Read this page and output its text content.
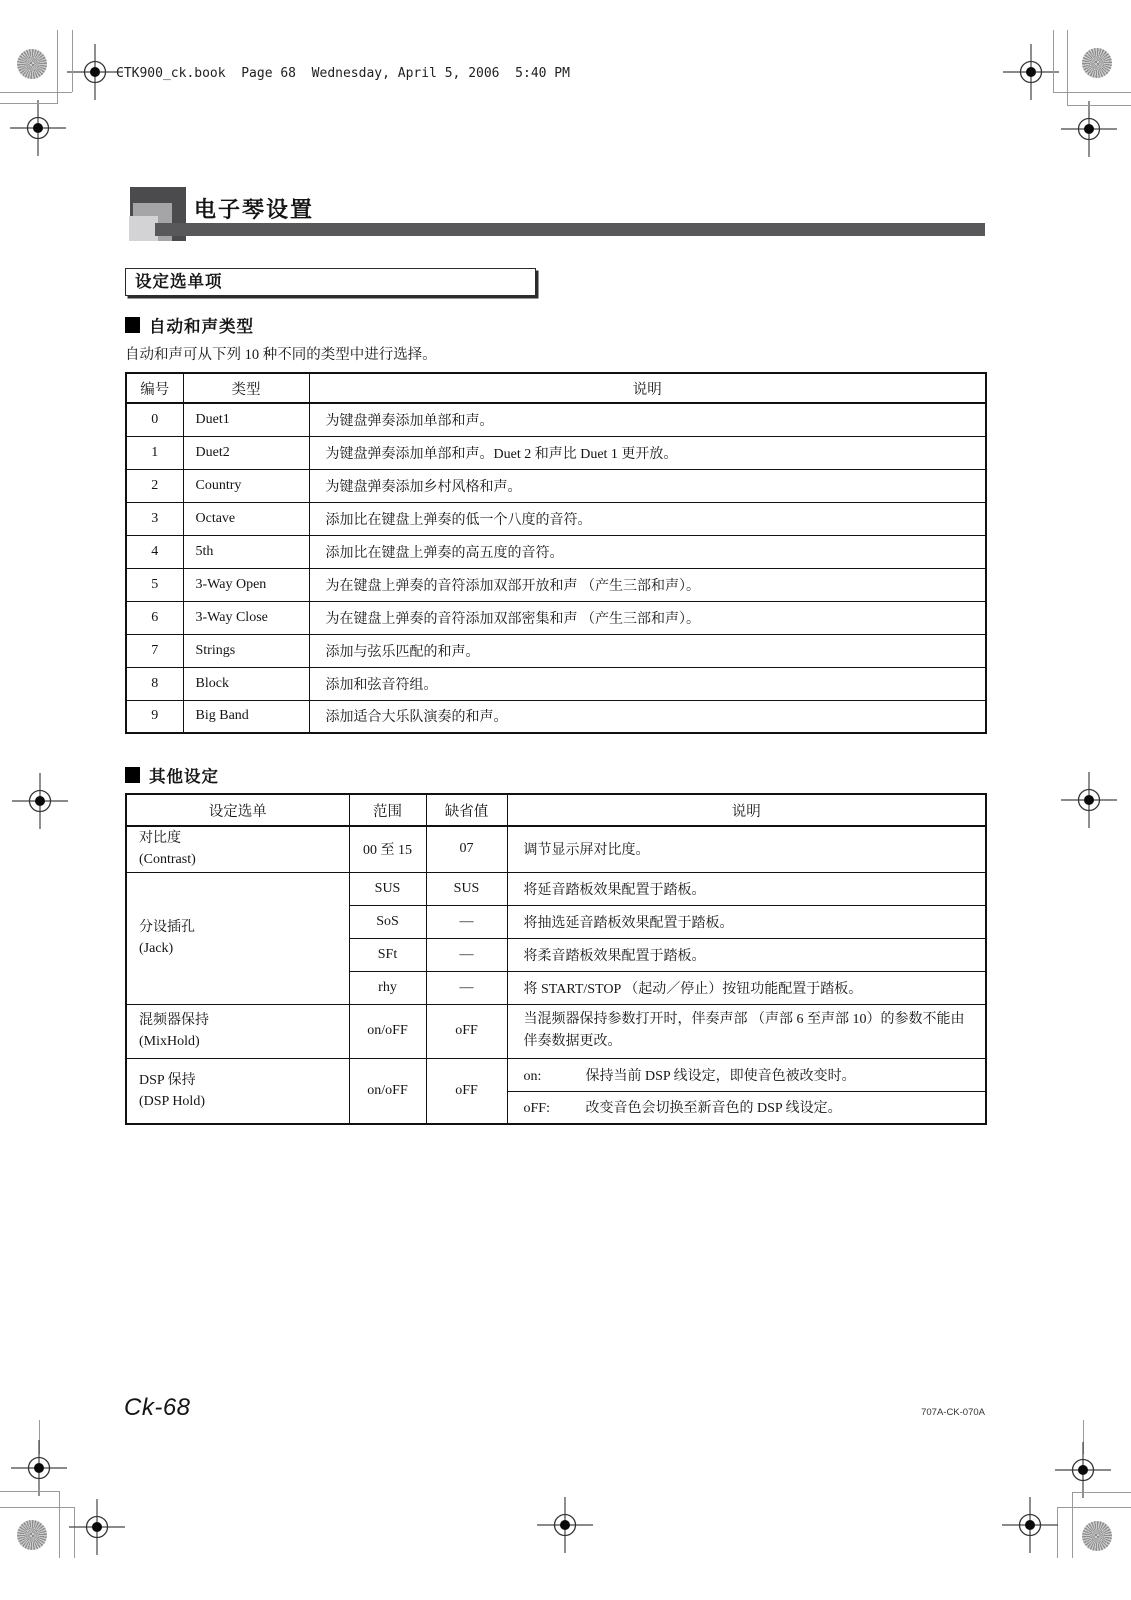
CTK900_ck.book  Page 68  Wednesday, April 5, 2006  5:40 PM
电子琴设置
设定选单项
自动和声类型
自动和声可从下列 10 种不同的类型中进行选择。
编号	类型	说明
0	Duet1	为键盘弹奏添加单部和声。
1	Duet2	为键盘弹奏添加单部和声。Duet 2 和声比 Duet 1 更开放。
2	Country	为键盘弹奏添加乡村风格和声。
3	Octave	添加比在键盘上弹奏的低一个八度的音符。
4	5th	添加比在键盘上弹奏的高五度的音符。
5	3-Way Open	为在键盘上弹奏的音符添加双部开放和声 （产生三部和声）。
6	3-Way Close	为在键盘上弹奏的音符添加双部密集和声 （产生三部和声）。
7	Strings	添加与弦乐匹配的和声。
8	Block	添加和弦音符组。
9	Big Band	添加适合大乐队演奏的和声。
其他设定
设定选单	范围	缺省值	说明

对比度
(Contrast)	00 至 15	07	调节显示屏对比度。

分设插孔
(Jack)	SUS	SUS	将延音踏板效果配置于踏板。
	SoS	—	将抽选延音踏板效果配置于踏板。
	SFt	—	将柔音踏板效果配置于踏板。
	rhy	—	将 START/STOP （起动／停止）按钮功能配置于踏板。

混频器保持
(MixHold)	on/oFF	oFF	当混频器保持参数打开时，伴奏声部 （声部 6 至声部 10）的参数不能由伴奏数据更改。

DSP 保持
(DSP Hold)	on/oFF	oFF	on: 保持当前 DSP 线设定，即使音色被改变时。
			oFF: 改变音色会切换至新音色的 DSP 线设定。
Ck-68	707A-CK-070A
